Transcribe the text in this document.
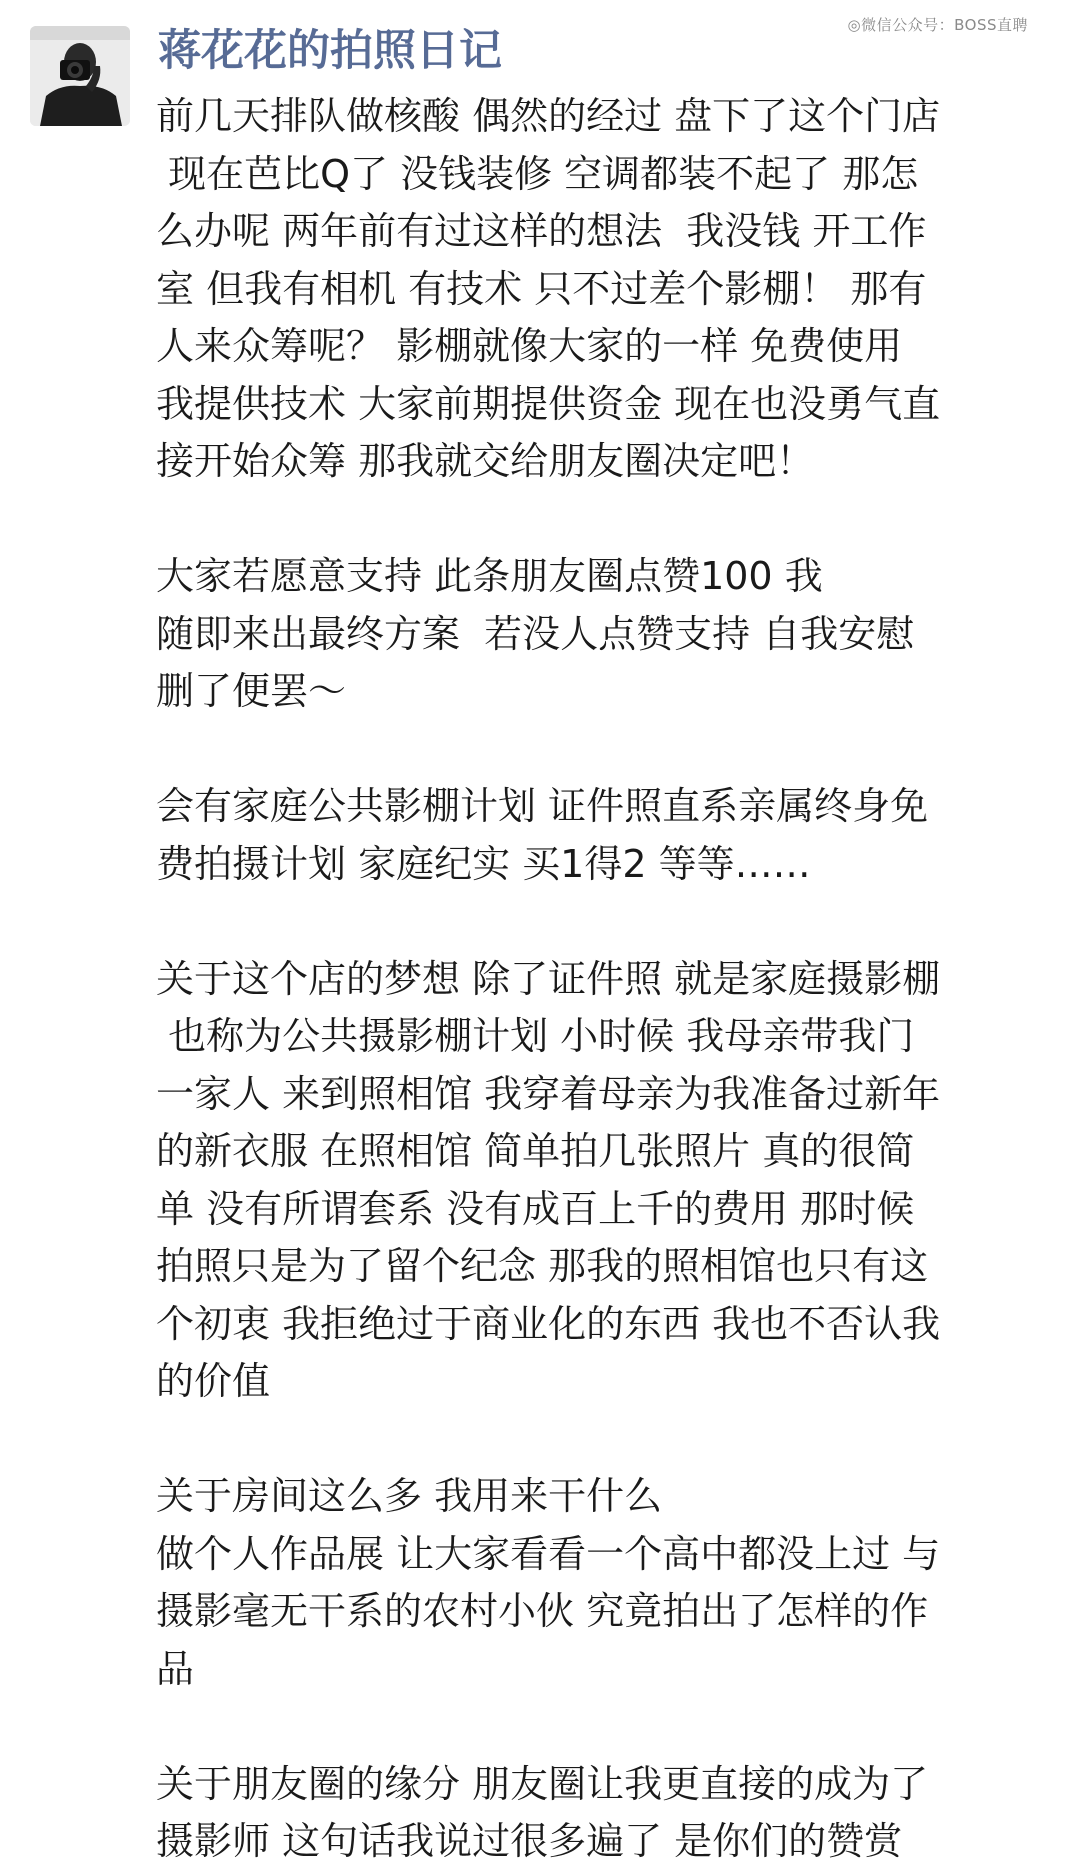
◎微信公众号：BOSS直聘
蒋花花的拍照日记
前几天排队做核酸 偶然的经过 盘下了这个门店
现在芭比Q了 没钱装修 空调都装不起了 那怎
么办呢 两年前有过这样的想法  我没钱 开工作
室 但我有相机 有技术 只不过差个影棚！ 那有
人来众筹呢？ 影棚就像大家的一样 免费使用
我提供技术 大家前期提供资金 现在也没勇气直
接开始众筹 那我就交给朋友圈决定吧！
大家若愿意支持 此条朋友圈点赞100 我
随即来出最终方案  若没人点赞支持 自我安慰
删了便罢～
会有家庭公共影棚计划 证件照直系亲属终身免
费拍摄计划 家庭纪实 买1得2 等等……
关于这个店的梦想 除了证件照 就是家庭摄影棚
也称为公共摄影棚计划 小时候 我母亲带我门
一家人 来到照相馆 我穿着母亲为我准备过新年
的新衣服 在照相馆 简单拍几张照片 真的很简
单 没有所谓套系 没有成百上千的费用 那时候
拍照只是为了留个纪念 那我的照相馆也只有这
个初衷 我拒绝过于商业化的东西 我也不否认我
的价值
关于房间这么多 我用来干什么
做个人作品展 让大家看看一个高中都没上过 与
摄影毫无干系的农村小伙 究竟拍出了怎样的作
品
关于朋友圈的缘分 朋友圈让我更直接的成为了
摄影师 这句话我说过很多遍了 是你们的赞赏
